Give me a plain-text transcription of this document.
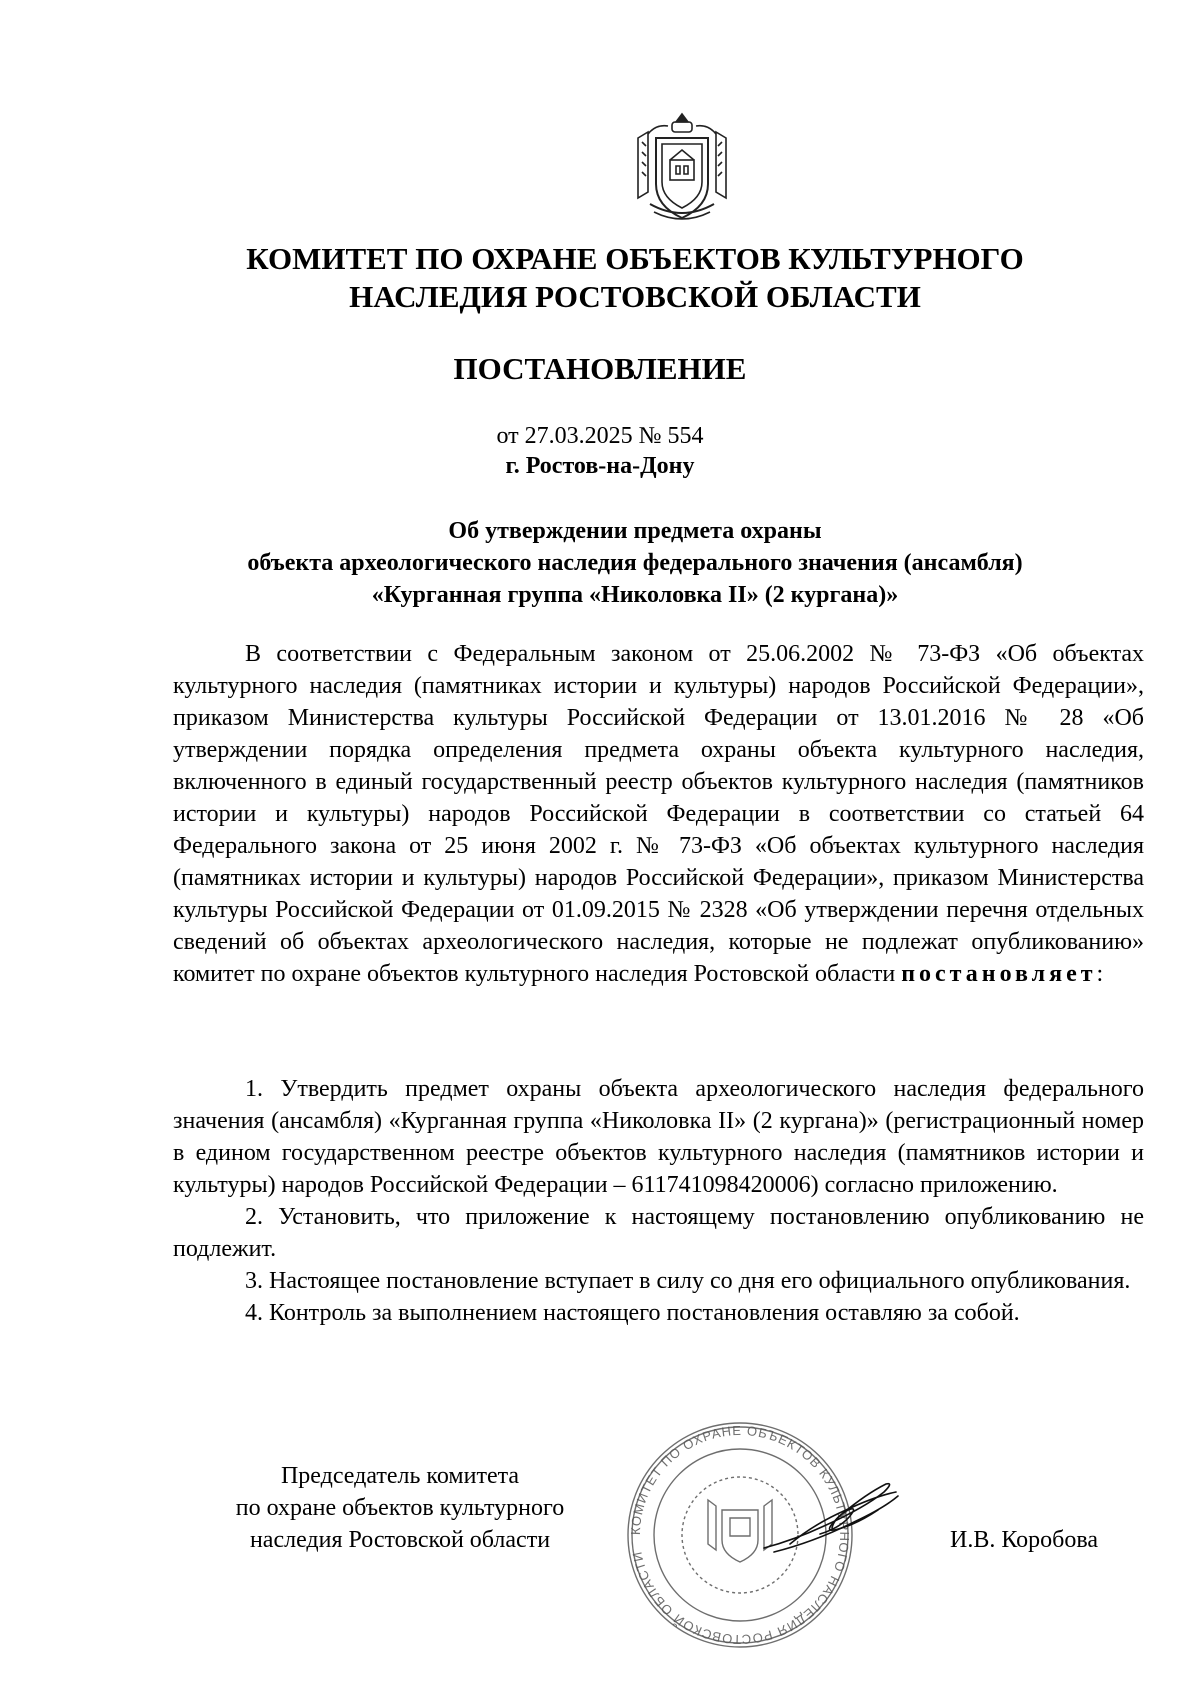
КОМИТЕТ ПО ОХРАНЕ ОБЪЕКТОВ КУЛЬТУРНОГО
НАСЛЕДИЯ РОСТОВСКОЙ ОБЛАСТИ
ПОСТАНОВЛЕНИЕ
от 27.03.2025 № 554
г. Ростов-на-Дону
Об утверждении предмета охраны
объекта археологического наследия федерального значения (ансамбля)
«Курганная группа «Николовка II» (2 кургана)»

В соответствии с Федеральным законом от 25.06.2002 № 73-ФЗ «Об объектах культурного наследия (памятниках истории и культуры) народов Российской Федерации», приказом Министерства культуры Российской Федерации от 13.01.2016 № 28 «Об утверждении порядка определения предмета охраны объекта культурного наследия, включенного в единый государственный реестр объектов культурного наследия (памятников истории и культуры) народов Российской Федерации в соответствии со статьей 64 Федерального закона от 25 июня 2002 г. № 73-ФЗ «Об объектах культурного наследия (памятниках истории и культуры) народов Российской Федерации», приказом Министерства культуры Российской Федерации от 01.09.2015 № 2328 «Об утверждении перечня отдельных сведений об объектах археологического наследия, которые не подлежат опубликованию» комитет по охране объектов культурного наследия Ростовской области постановляет:

1. Утвердить предмет охраны объекта археологического наследия федерального значения (ансамбля) «Курганная группа «Николовка II» (2 кургана)» (регистрационный номер в едином государственном реестре объектов культурного наследия (памятников истории и культуры) народов Российской Федерации – 611741098420006) согласно приложению.

2. Установить, что приложение к настоящему постановлению опубликованию не подлежит.

3. Настоящее постановление вступает в силу со дня его официального опубликования.

4. Контроль за выполнением настоящего постановления оставляю за собой.

Председатель комитета
по охране объектов культурного
наследия Ростовской области	КОМИТЕТ ПО ОХРАНЕ ОБЪЕКТОВ КУЛЬТУРНОГО НАСЛЕДИЯ РОСТОВСКОЙ ОБЛАСТИ
И.В. Коробова
